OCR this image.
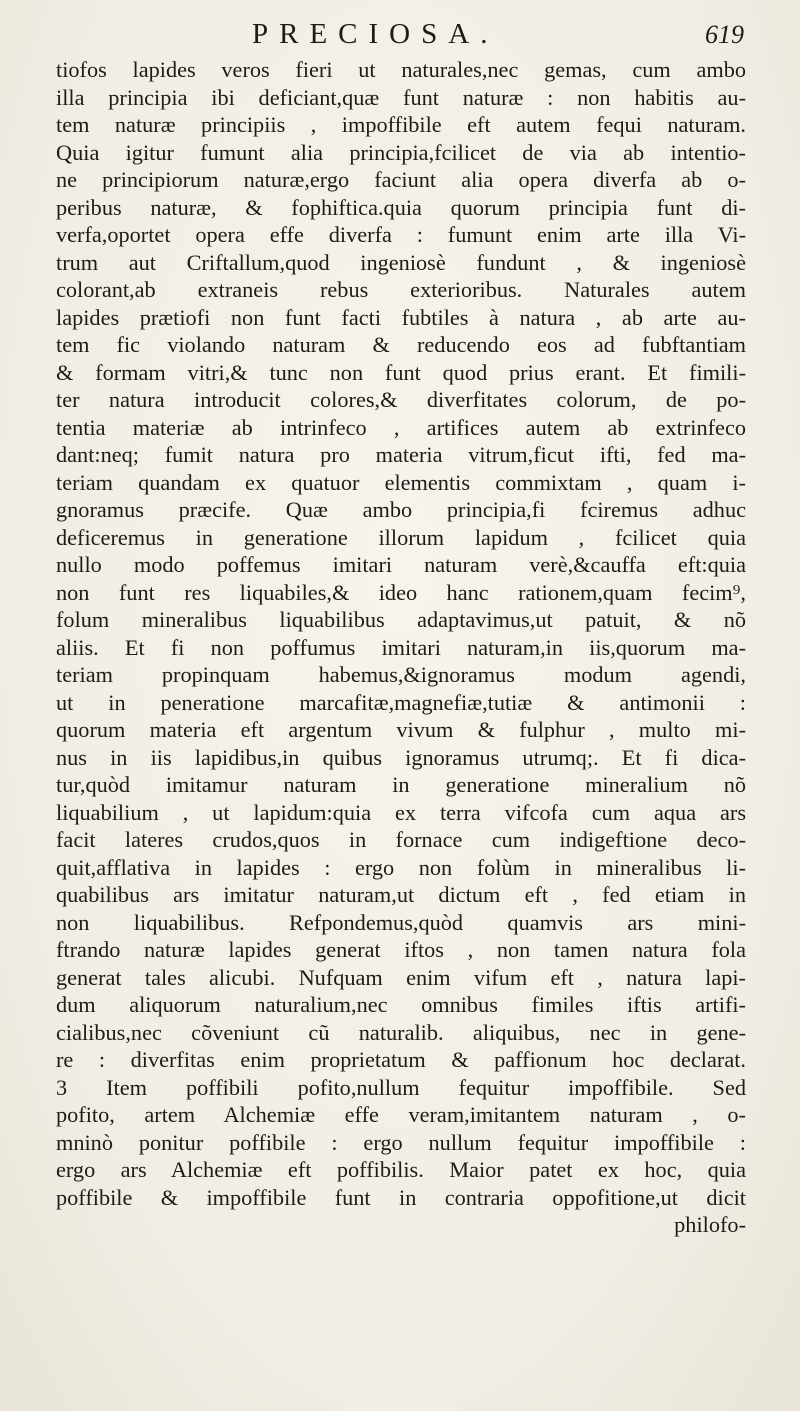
PRECIOSA.	619
tiofos lapides veros fieri ut naturales,nec gemas, cum ambo
illa principia ibi deficiant,quæ funt naturæ : non habitis au-
tem naturæ principiis , impoffibile eft autem fequi naturam.
Quia igitur fumunt alia principia,fcilicet de via ab intentio-
ne principiorum naturæ,ergo faciunt alia opera diverfa ab o-
peribus naturæ, & fophiftica.quia quorum principia funt di-
verfa,oportet opera effe diverfa : fumunt enim arte illa Vi-
trum aut Criftallum,quod ingeniosè fundunt , & ingeniosè
colorant,ab extraneis rebus exterioribus. Naturales autem
lapides prætiofi non funt facti fubtiles à natura , ab arte au-
tem fic violando naturam & reducendo eos ad fubftantiam
& formam vitri,& tunc non funt quod prius erant. Et fimili-
ter natura introducit colores,& diverfitates colorum, de po-
tentia materiæ ab intrinfeco , artifices autem ab extrinfeco
dant:neq; fumit natura pro materia vitrum,ficut ifti, fed ma-
teriam quandam ex quatuor elementis commixtam , quam i-
gnoramus præcife. Quæ ambo principia,fi fciremus adhuc
deficeremus in generatione illorum lapidum , fcilicet quia
nullo modo poffemus imitari naturam verè,&cauffa eft:quia
non funt res liquabiles,& ideo hanc rationem,quam fecim⁹,
folum mineralibus liquabilibus adaptavimus,ut patuit, & nõ
aliis. Et fi non poffumus imitari naturam,in iis,quorum ma-
teriam propinquam habemus,&ignoramus modum agendi,
ut in peneratione marcafitæ,magnefiæ,tutiæ & antimonii :
quorum materia eft argentum vivum & fulphur , multo mi-
nus in iis lapidibus,in quibus ignoramus utrumq;. Et fi dica-
tur,quòd imitamur naturam in generatione mineralium nõ
liquabilium , ut lapidum:quia ex terra vifcofa cum aqua ars
facit lateres crudos,quos in fornace cum indigeftione deco-
quit,afflativa in lapides : ergo non folùm in mineralibus li-
quabilibus ars imitatur naturam,ut dictum eft , fed etiam in
non liquabilibus. Refpondemus,quòd quamvis ars mini-
ftrando naturæ lapides generat iftos , non tamen natura fola
generat tales alicubi. Nufquam enim vifum eft , natura lapi-
dum aliquorum naturalium,nec omnibus fimiles iftis artifi-
cialibus,nec cõveniunt cũ naturalib. aliquibus, nec in gene-
re : diverfitas enim proprietatum & paffionum hoc declarat.
3 Item poffibili pofito,nullum fequitur impoffibile. Sed
pofito, artem Alchemiæ effe veram,imitantem naturam , o-
mninò ponitur poffibile : ergo nullum fequitur impoffibile :
ergo ars Alchemiæ eft poffibilis. Maior patet ex hoc, quia
poffibile & impoffibile funt in contraria oppofitione,ut dicit
philofo-
